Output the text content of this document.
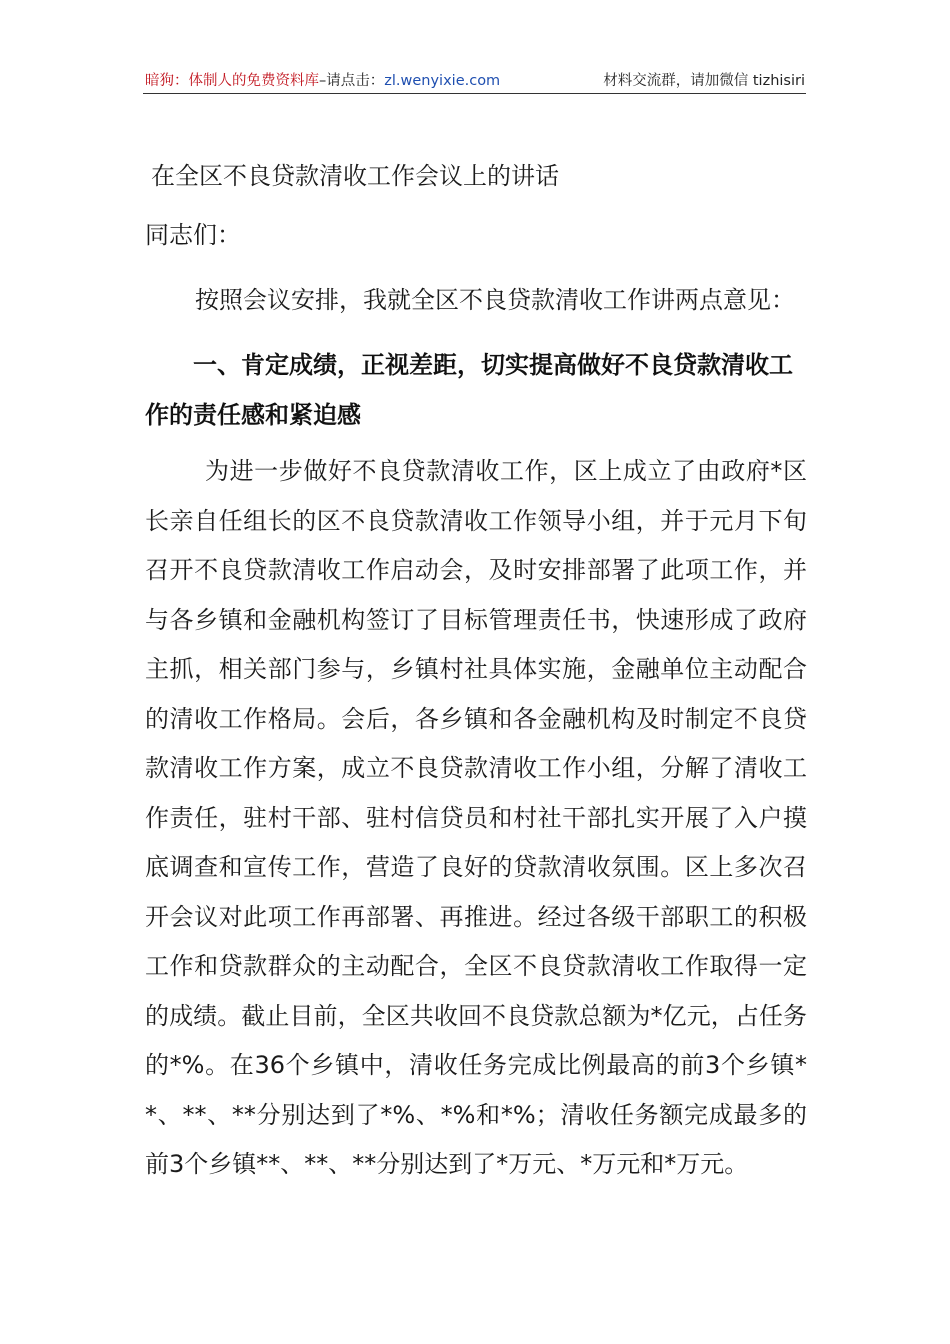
暗狗：体制人的免费资料库–请点击：zl.wenyixie.com	材料交流群，请加微信 tizhisiri
在全区不良贷款清收工作会议上的讲话
同志们：
按照会议安排，我就全区不良贷款清收工作讲两点意见：
一、肯定成绩，正视差距，切实提高做好不良贷款清收工作的责任感和紧迫感
为进一步做好不良贷款清收工作，区上成立了由政府*区长亲自任组长的区不良贷款清收工作领导小组，并于元月下旬召开不良贷款清收工作启动会，及时安排部署了此项工作，并与各乡镇和金融机构签订了目标管理责任书，快速形成了政府主抓，相关部门参与，乡镇村社具体实施，金融单位主动配合的清收工作格局。会后，各乡镇和各金融机构及时制定不良贷款清收工作方案，成立不良贷款清收工作小组，分解了清收工作责任，驻村干部、驻村信贷员和村社干部扎实开展了入户摸底调查和宣传工作，营造了良好的贷款清收氛围。区上多次召开会议对此项工作再部署、再推进。经过各级干部职工的积极工作和贷款群众的主动配合，全区不良贷款清收工作取得一定的成绩。截止目前，全区共收回不良贷款总额为*亿元，占任务的*%。在36个乡镇中，清收任务完成比例最高的前3个乡镇**、**、**分别达到了*%、*%和*%；清收任务额完成最多的前3个乡镇**、**、**分别达到了*万元、*万元和*万元。
